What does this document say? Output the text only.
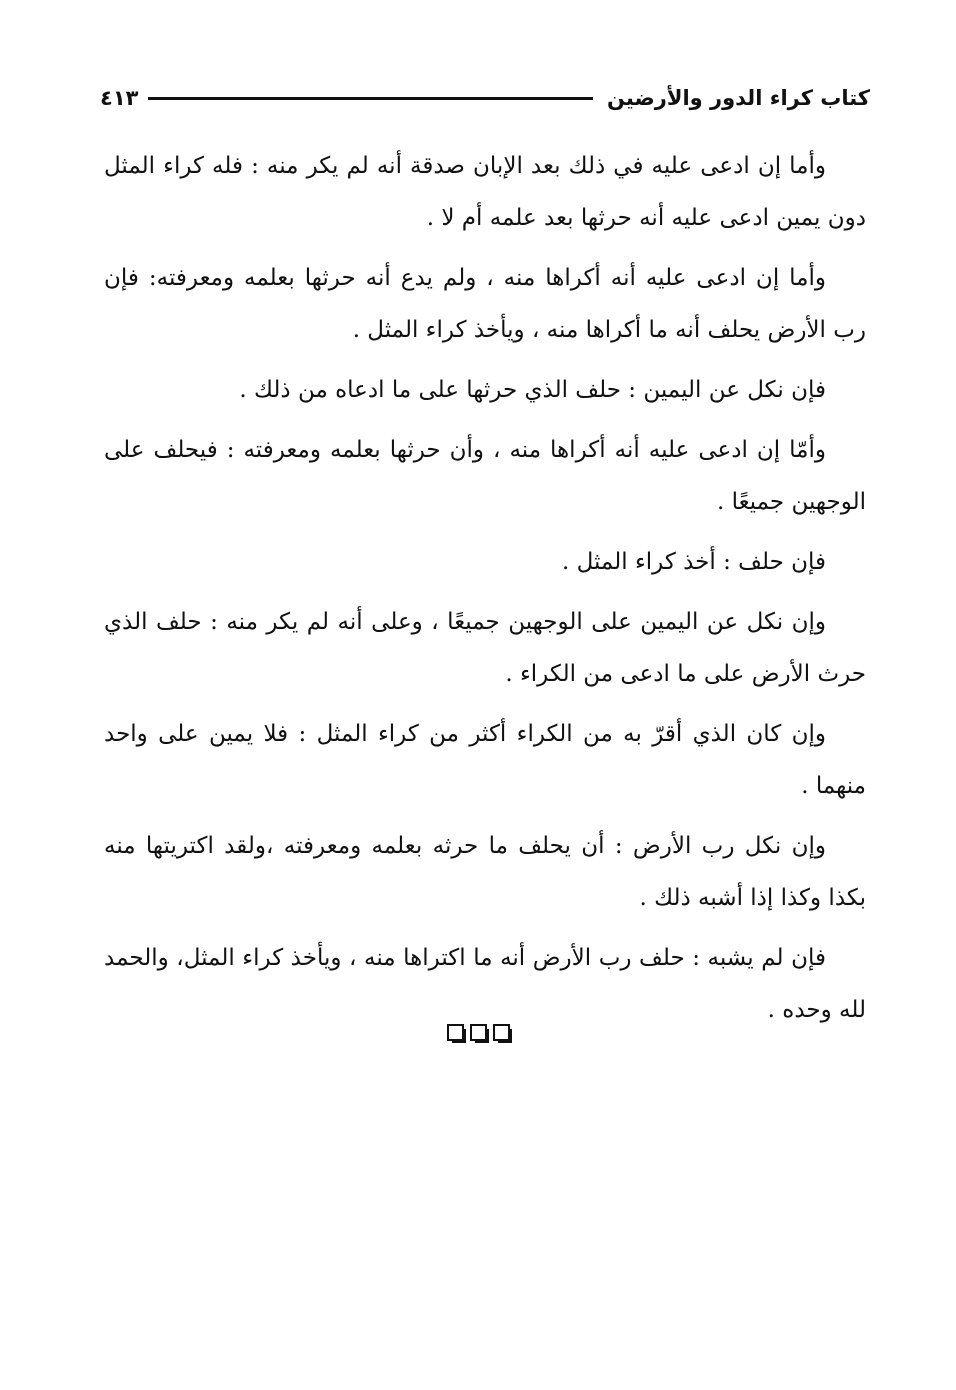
كتاب كراء الدور والأرضين
٤١٣

وأما إن ادعى عليه في ذلك بعد الإبان صدقة أنه لم يكر منه : فله كراء المثل دون يمين ادعى عليه أنه حرثها بعد علمه أم لا .

وأما إن ادعى عليه أنه أكراها منه ، ولم يدع أنه حرثها بعلمه ومعرفته: فإن رب الأرض يحلف أنه ما أكراها منه ، ويأخذ كراء المثل .

فإن نكل عن اليمين : حلف الذي حرثها على ما ادعاه من ذلك .

وأمّا إن ادعى عليه أنه أكراها منه ، وأن حرثها بعلمه ومعرفته : فيحلف على الوجهين جميعًا .

فإن حلف : أخذ كراء المثل .

وإن نكل عن اليمين على الوجهين جميعًا ، وعلى أنه لم يكر منه : حلف الذي حرث الأرض على ما ادعى من الكراء .

وإن كان الذي أقرّ به من الكراء أكثر من كراء المثل : فلا يمين على واحد منهما .

وإن نكل رب الأرض : أن يحلف ما حرثه بعلمه ومعرفته ،ولقد اكتريتها منه بكذا وكذا إذا أشبه ذلك .

فإن لم يشبه : حلف رب الأرض أنه ما اكتراها منه ، ويأخذ كراء المثل، والحمد لله وحده .
